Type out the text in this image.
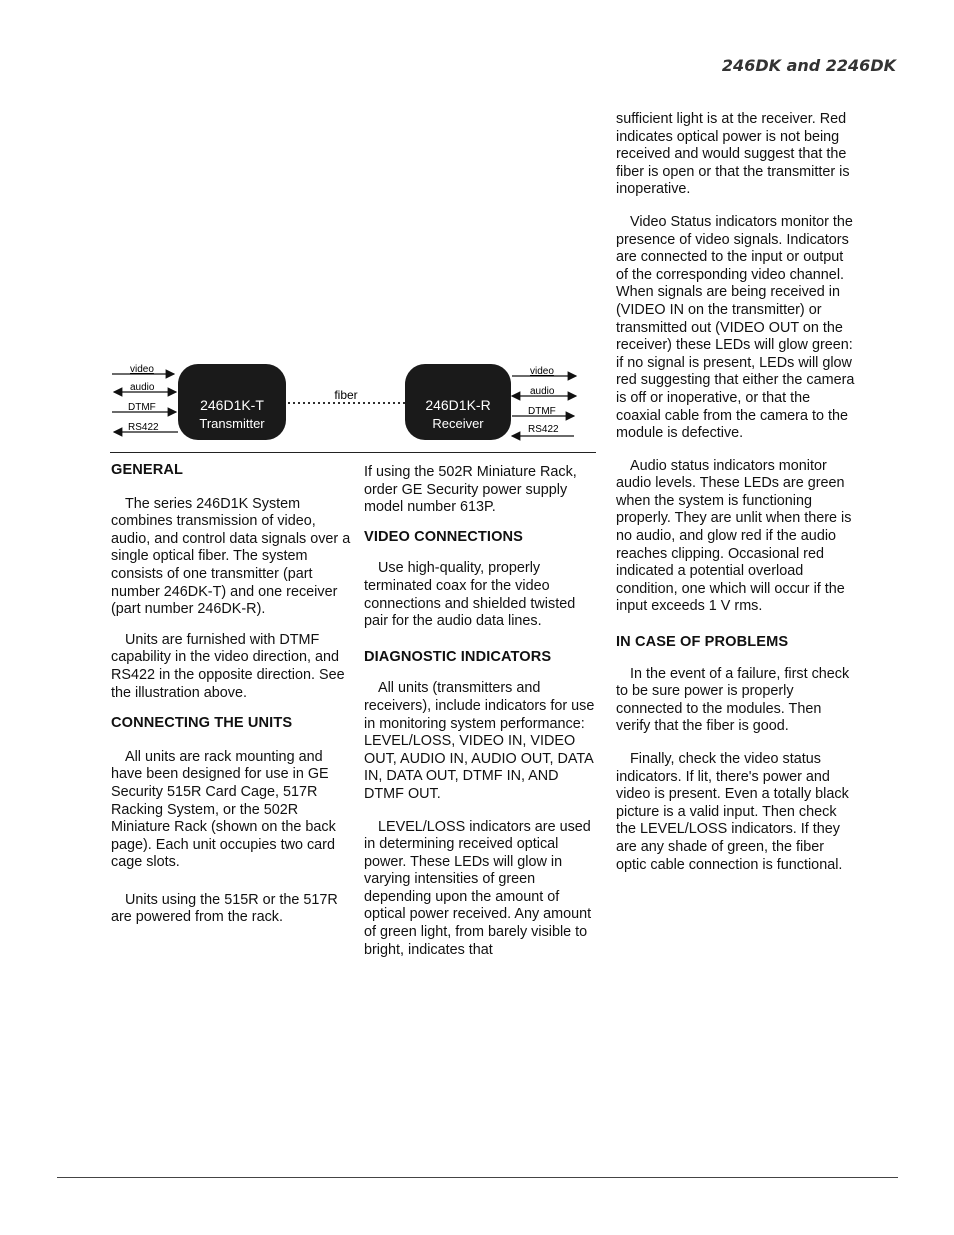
246DK and 2246DK
video
audio
DTMF
RS422
246D1K-T
Transmitter
fiber
246D1K-R
Receiver
video
audio
DTMF
RS422
GENERAL

The series 246D1K System combines transmission of video, audio, and control data signals over a single optical fiber. The system consists of one transmitter (part number 246DK-T) and one receiver (part number 246DK-R).

Units are furnished with DTMF capability in the video direction, and RS422 in the opposite direction. See the illustration above.

CONNECTING THE UNITS

All units are rack mounting and have been designed for use in GE Security 515R Card Cage, 517R Racking System, or the 502R Miniature Rack (shown on the back page). Each unit occupies two card cage slots.

Units using the 515R or the 517R are powered from the rack.

If using the 502R Miniature Rack, order GE Security power supply model number 613P.

VIDEO CONNECTIONS

Use high-quality, properly terminated coax for the video connections and shielded twisted pair for the audio data lines.

DIAGNOSTIC INDICATORS

All units (transmitters and receivers), include indicators for use in monitoring system performance: LEVEL/LOSS, VIDEO IN, VIDEO OUT, AUDIO IN, AUDIO OUT, DATA IN, DATA OUT, DTMF IN, AND DTMF OUT.

LEVEL/LOSS indicators are used in determining received optical power. These LEDs will glow in varying intensities of green depending upon the amount of optical power received. Any amount of green light, from barely visible to bright, indicates that

sufficient light is at the receiver. Red indicates optical power is not being received and would suggest that the fiber is open or that the transmitter is inoperative.

Video Status indicators monitor the presence of video signals. Indicators are connected to the input or output of the corresponding video channel. When signals are being received in (VIDEO IN on the transmitter) or transmitted out (VIDEO OUT on the receiver) these LEDs will glow green: if no signal is present, LEDs will glow red suggesting that either the camera is off or inoperative, or that the coaxial cable from the camera to the module is defective.

Audio status indicators monitor audio levels. These LEDs are green when the system is functioning properly. They are unlit when there is no audio, and glow red if the audio reaches clipping. Occasional red indicated a potential overload condition, one which will occur if the input exceeds 1 V rms.

IN CASE OF PROBLEMS

In the event of a failure, first check to be sure power is properly connected to the modules. Then verify that the fiber is good.

Finally, check the video status indicators. If lit, there's power and video is present. Even a totally black picture is a valid input. Then check the LEVEL/LOSS indicators. If they are any shade of green, the fiber optic cable connection is functional.
